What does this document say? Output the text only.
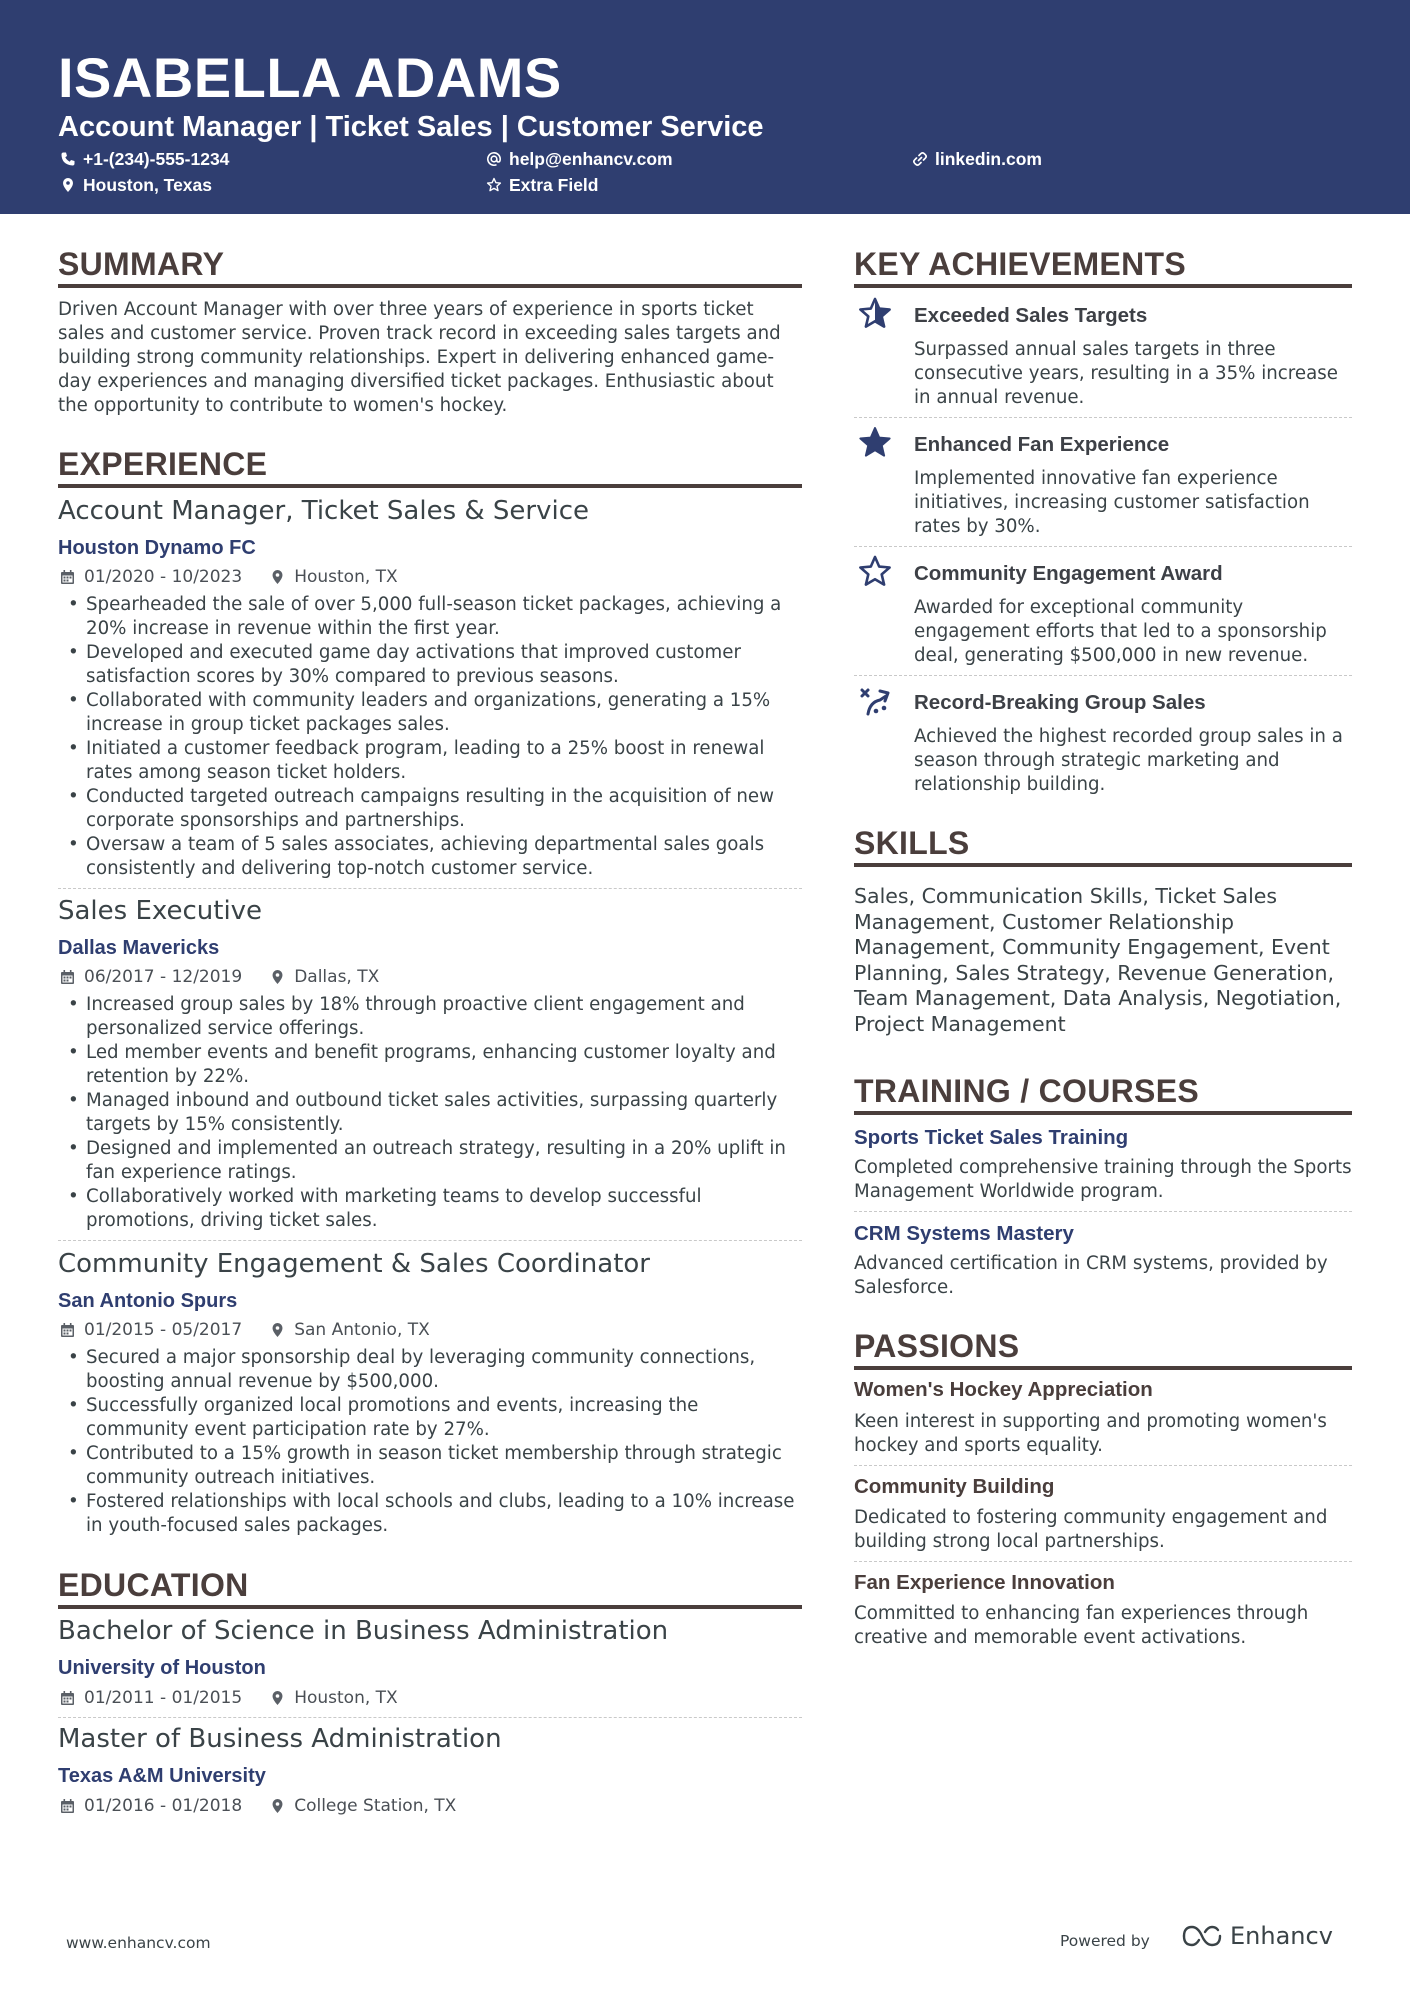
ISABELLA ADAMS
Account Manager | Ticket Sales | Customer Service
+1-(234)-555-1234	help@enhancv.com	linkedin.com
Houston, Texas	Extra Field
SUMMARY
Driven Account Manager with over three years of experience in sports ticket sales and customer service. Proven track record in exceeding sales targets and building strong community relationships. Expert in delivering enhanced game-day experiences and managing diversified ticket packages. Enthusiastic about the opportunity to contribute to women's hockey.
EXPERIENCE
Account Manager, Ticket Sales & Service
Houston Dynamo FC
01/2020 - 10/2023	Houston, TX
• Spearheaded the sale of over 5,000 full-season ticket packages, achieving a 20% increase in revenue within the first year.
• Developed and executed game day activations that improved customer satisfaction scores by 30% compared to previous seasons.
• Collaborated with community leaders and organizations, generating a 15% increase in group ticket packages sales.
• Initiated a customer feedback program, leading to a 25% boost in renewal rates among season ticket holders.
• Conducted targeted outreach campaigns resulting in the acquisition of new corporate sponsorships and partnerships.
• Oversaw a team of 5 sales associates, achieving departmental sales goals consistently and delivering top-notch customer service.
Sales Executive
Dallas Mavericks
06/2017 - 12/2019	Dallas, TX
• Increased group sales by 18% through proactive client engagement and personalized service offerings.
• Led member events and benefit programs, enhancing customer loyalty and retention by 22%.
• Managed inbound and outbound ticket sales activities, surpassing quarterly targets by 15% consistently.
• Designed and implemented an outreach strategy, resulting in a 20% uplift in fan experience ratings.
• Collaboratively worked with marketing teams to develop successful promotions, driving ticket sales.
Community Engagement & Sales Coordinator
San Antonio Spurs
01/2015 - 05/2017	San Antonio, TX
• Secured a major sponsorship deal by leveraging community connections, boosting annual revenue by $500,000.
• Successfully organized local promotions and events, increasing the community event participation rate by 27%.
• Contributed to a 15% growth in season ticket membership through strategic community outreach initiatives.
• Fostered relationships with local schools and clubs, leading to a 10% increase in youth-focused sales packages.
EDUCATION
Bachelor of Science in Business Administration
University of Houston
01/2011 - 01/2015	Houston, TX
Master of Business Administration
Texas A&M University
01/2016 - 01/2018	College Station, TX
KEY ACHIEVEMENTS
Exceeded Sales Targets
Surpassed annual sales targets in three consecutive years, resulting in a 35% increase in annual revenue.
Enhanced Fan Experience
Implemented innovative fan experience initiatives, increasing customer satisfaction rates by 30%.
Community Engagement Award
Awarded for exceptional community engagement efforts that led to a sponsorship deal, generating $500,000 in new revenue.
Record-Breaking Group Sales
Achieved the highest recorded group sales in a season through strategic marketing and relationship building.
SKILLS
Sales, Communication Skills, Ticket Sales Management, Customer Relationship Management, Community Engagement, Event Planning, Sales Strategy, Revenue Generation, Team Management, Data Analysis, Negotiation, Project Management
TRAINING / COURSES
Sports Ticket Sales Training
Completed comprehensive training through the Sports Management Worldwide program.
CRM Systems Mastery
Advanced certification in CRM systems, provided by Salesforce.
PASSIONS
Women's Hockey Appreciation
Keen interest in supporting and promoting women's hockey and sports equality.
Community Building
Dedicated to fostering community engagement and building strong local partnerships.
Fan Experience Innovation
Committed to enhancing fan experiences through creative and memorable event activations.
www.enhancv.com	Powered by	Enhancv
